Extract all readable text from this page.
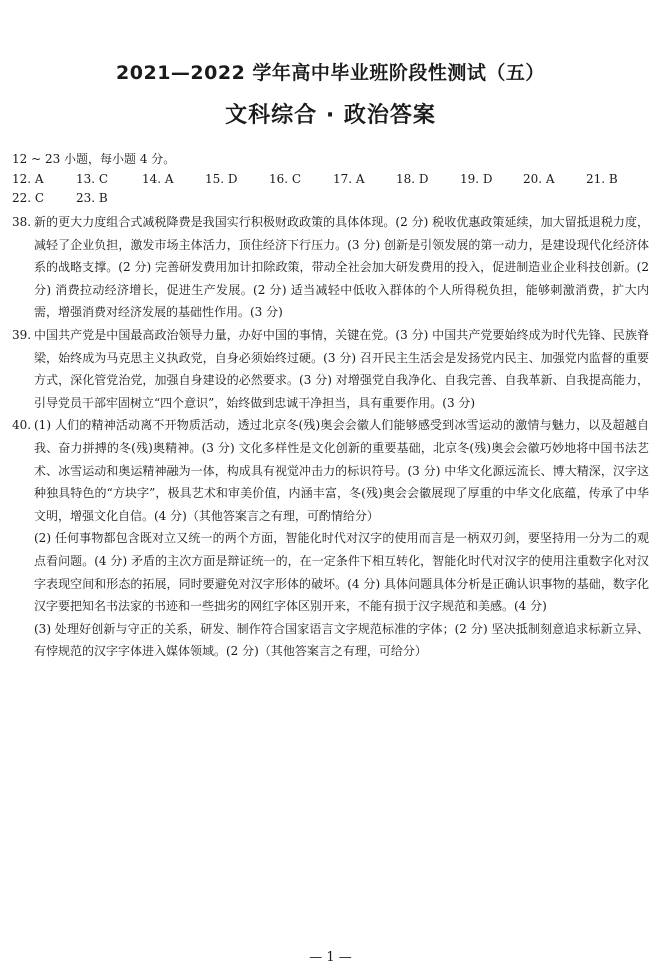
2021—2022 学年高中毕业班阶段性测试（五）
文科综合 · 政治答案
12 ~ 23 小题，每小题 4 分。
12. A	13. C	14. A	15. D	16. C	17. A	18. D	19. D	20. A	21. B
22. C	23. B

38. 新的更大力度组合式减税降费是我国实行积极财政政策的具体体现。(2 分) 税收优惠政策延续，加大留抵退税力度，减轻了企业负担，激发市场主体活力，顶住经济下行压力。(3 分) 创新是引领发展的第一动力，是建设现代化经济体系的战略支撑。(2 分) 完善研发费用加计扣除政策，带动全社会加大研发费用的投入，促进制造业企业科技创新。(2 分) 消费拉动经济增长，促进生产发展。(2 分) 适当减轻中低收入群体的个人所得税负担，能够刺激消费，扩大内需，增强消费对经济发展的基础性作用。(3 分)

39. 中国共产党是中国最高政治领导力量，办好中国的事情，关键在党。(3 分) 中国共产党要始终成为时代先锋、民族脊梁，始终成为马克思主义执政党，自身必须始终过硬。(3 分) 召开民主生活会是发扬党内民主、加强党内监督的重要方式，深化管党治党，加强自身建设的必然要求。(3 分) 对增强党自我净化、自我完善、自我革新、自我提高能力，引导党员干部牢固树立“四个意识”，始终做到忠诚干净担当，具有重要作用。(3 分)

40. (1) 人们的精神活动离不开物质活动，透过北京冬(残)奥会会徽人们能够感受到冰雪运动的激情与魅力，以及超越自我、奋力拼搏的冬(残)奥精神。(3 分) 文化多样性是文化创新的重要基础，北京冬(残)奥会会徽巧妙地将中国书法艺术、冰雪运动和奥运精神融为一体，构成具有视觉冲击力的标识符号。(3 分) 中华文化源远流长、博大精深，汉字这种独具特色的“方块字”，极具艺术和审美价值，内涵丰富，冬(残)奥会会徽展现了厚重的中华文化底蕴，传承了中华文明，增强文化自信。(4 分)（其他答案言之有理，可酌情给分）

(2) 任何事物都包含既对立又统一的两个方面，智能化时代对汉字的使用而言是一柄双刃剑，要坚持用一分为二的观点看问题。(4 分) 矛盾的主次方面是辩证统一的，在一定条件下相互转化，智能化时代对汉字的使用注重数字化对汉字表现空间和形态的拓展，同时要避免对汉字形体的破坏。(4 分) 具体问题具体分析是正确认识事物的基础，数字化汉字要把知名书法家的书迹和一些拙劣的网红字体区别开来，不能有损于汉字规范和美感。(4 分)

(3) 处理好创新与守正的关系，研发、制作符合国家语言文字规范标准的字体；(2 分) 坚决抵制刻意追求标新立异、有悖规范的汉字字体进入媒体领域。(2 分)（其他答案言之有理，可给分）

— 1 —
